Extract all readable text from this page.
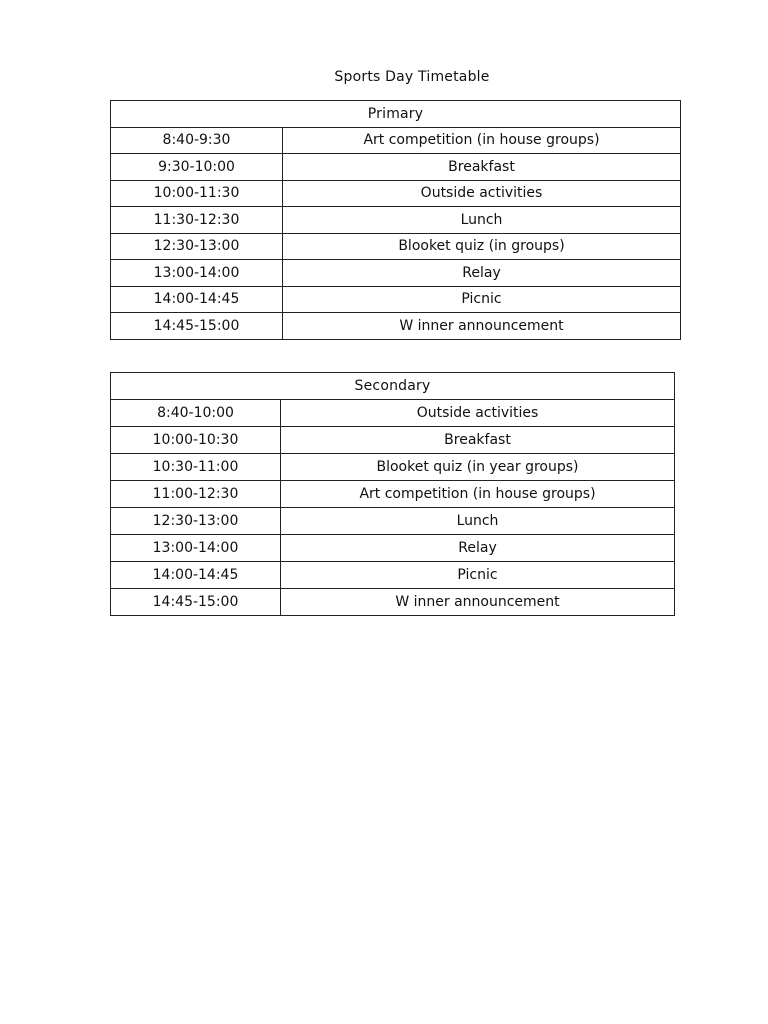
Sports Day Timetable
Primary	
8:40-9:30	Art competition (in house groups)
9:30-10:00	Breakfast
10:00-11:30	Outside activities
11:30-12:30	Lunch
12:30-13:00	Blooket quiz (in groups)
13:00-14:00	Relay
14:00-14:45	Picnic
14:45-15:00	W inner announcement
Secondary	
8:40-10:00	Outside activities
10:00-10:30	Breakfast
10:30-11:00	Blooket quiz (in year groups)
11:00-12:30	Art competition (in house groups)
12:30-13:00	Lunch
13:00-14:00	Relay
14:00-14:45	Picnic
14:45-15:00	W inner announcement
